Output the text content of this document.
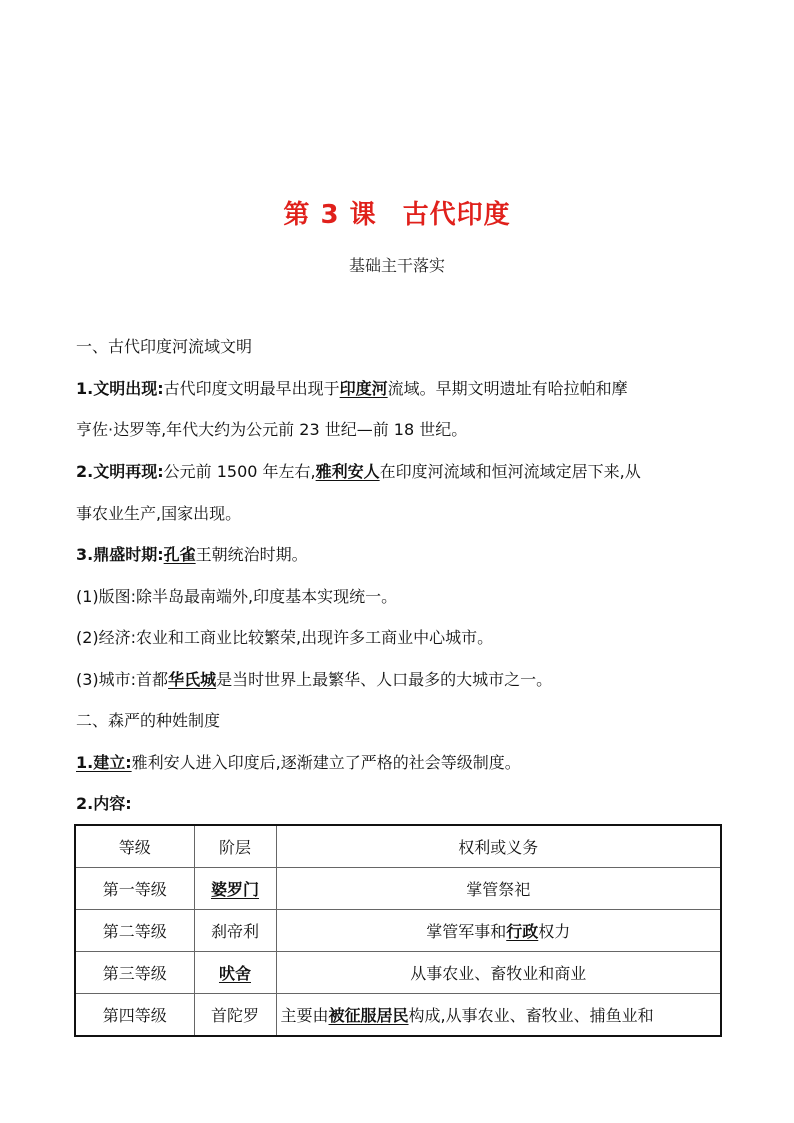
第 3 课 古代印度
基础主干落实
一、古代印度河流域文明
1.文明出现:古代印度文明最早出现于印度河流域。早期文明遗址有哈拉帕和摩
亨佐·达罗等,年代大约为公元前 23 世纪—前 18 世纪。
2.文明再现:公元前 1500 年左右,雅利安人在印度河流域和恒河流域定居下来,从
事农业生产,国家出现。
3.鼎盛时期:孔雀王朝统治时期。
(1)版图:除半岛最南端外,印度基本实现统一。
(2)经济:农业和工商业比较繁荣,出现许多工商业中心城市。
(3)城市:首都华氏城是当时世界上最繁华、人口最多的大城市之一。
二、森严的种姓制度
1.建立:雅利安人进入印度后,逐渐建立了严格的社会等级制度。
2.内容:
等级	阶层	权利或义务
第一等级	婆罗门	掌管祭祀
第二等级	刹帝利	掌管军事和行政权力
第三等级	吠舍	从事农业、畜牧业和商业
第四等级	首陀罗	主要由被征服居民构成,从事农业、畜牧业、捕鱼业和
